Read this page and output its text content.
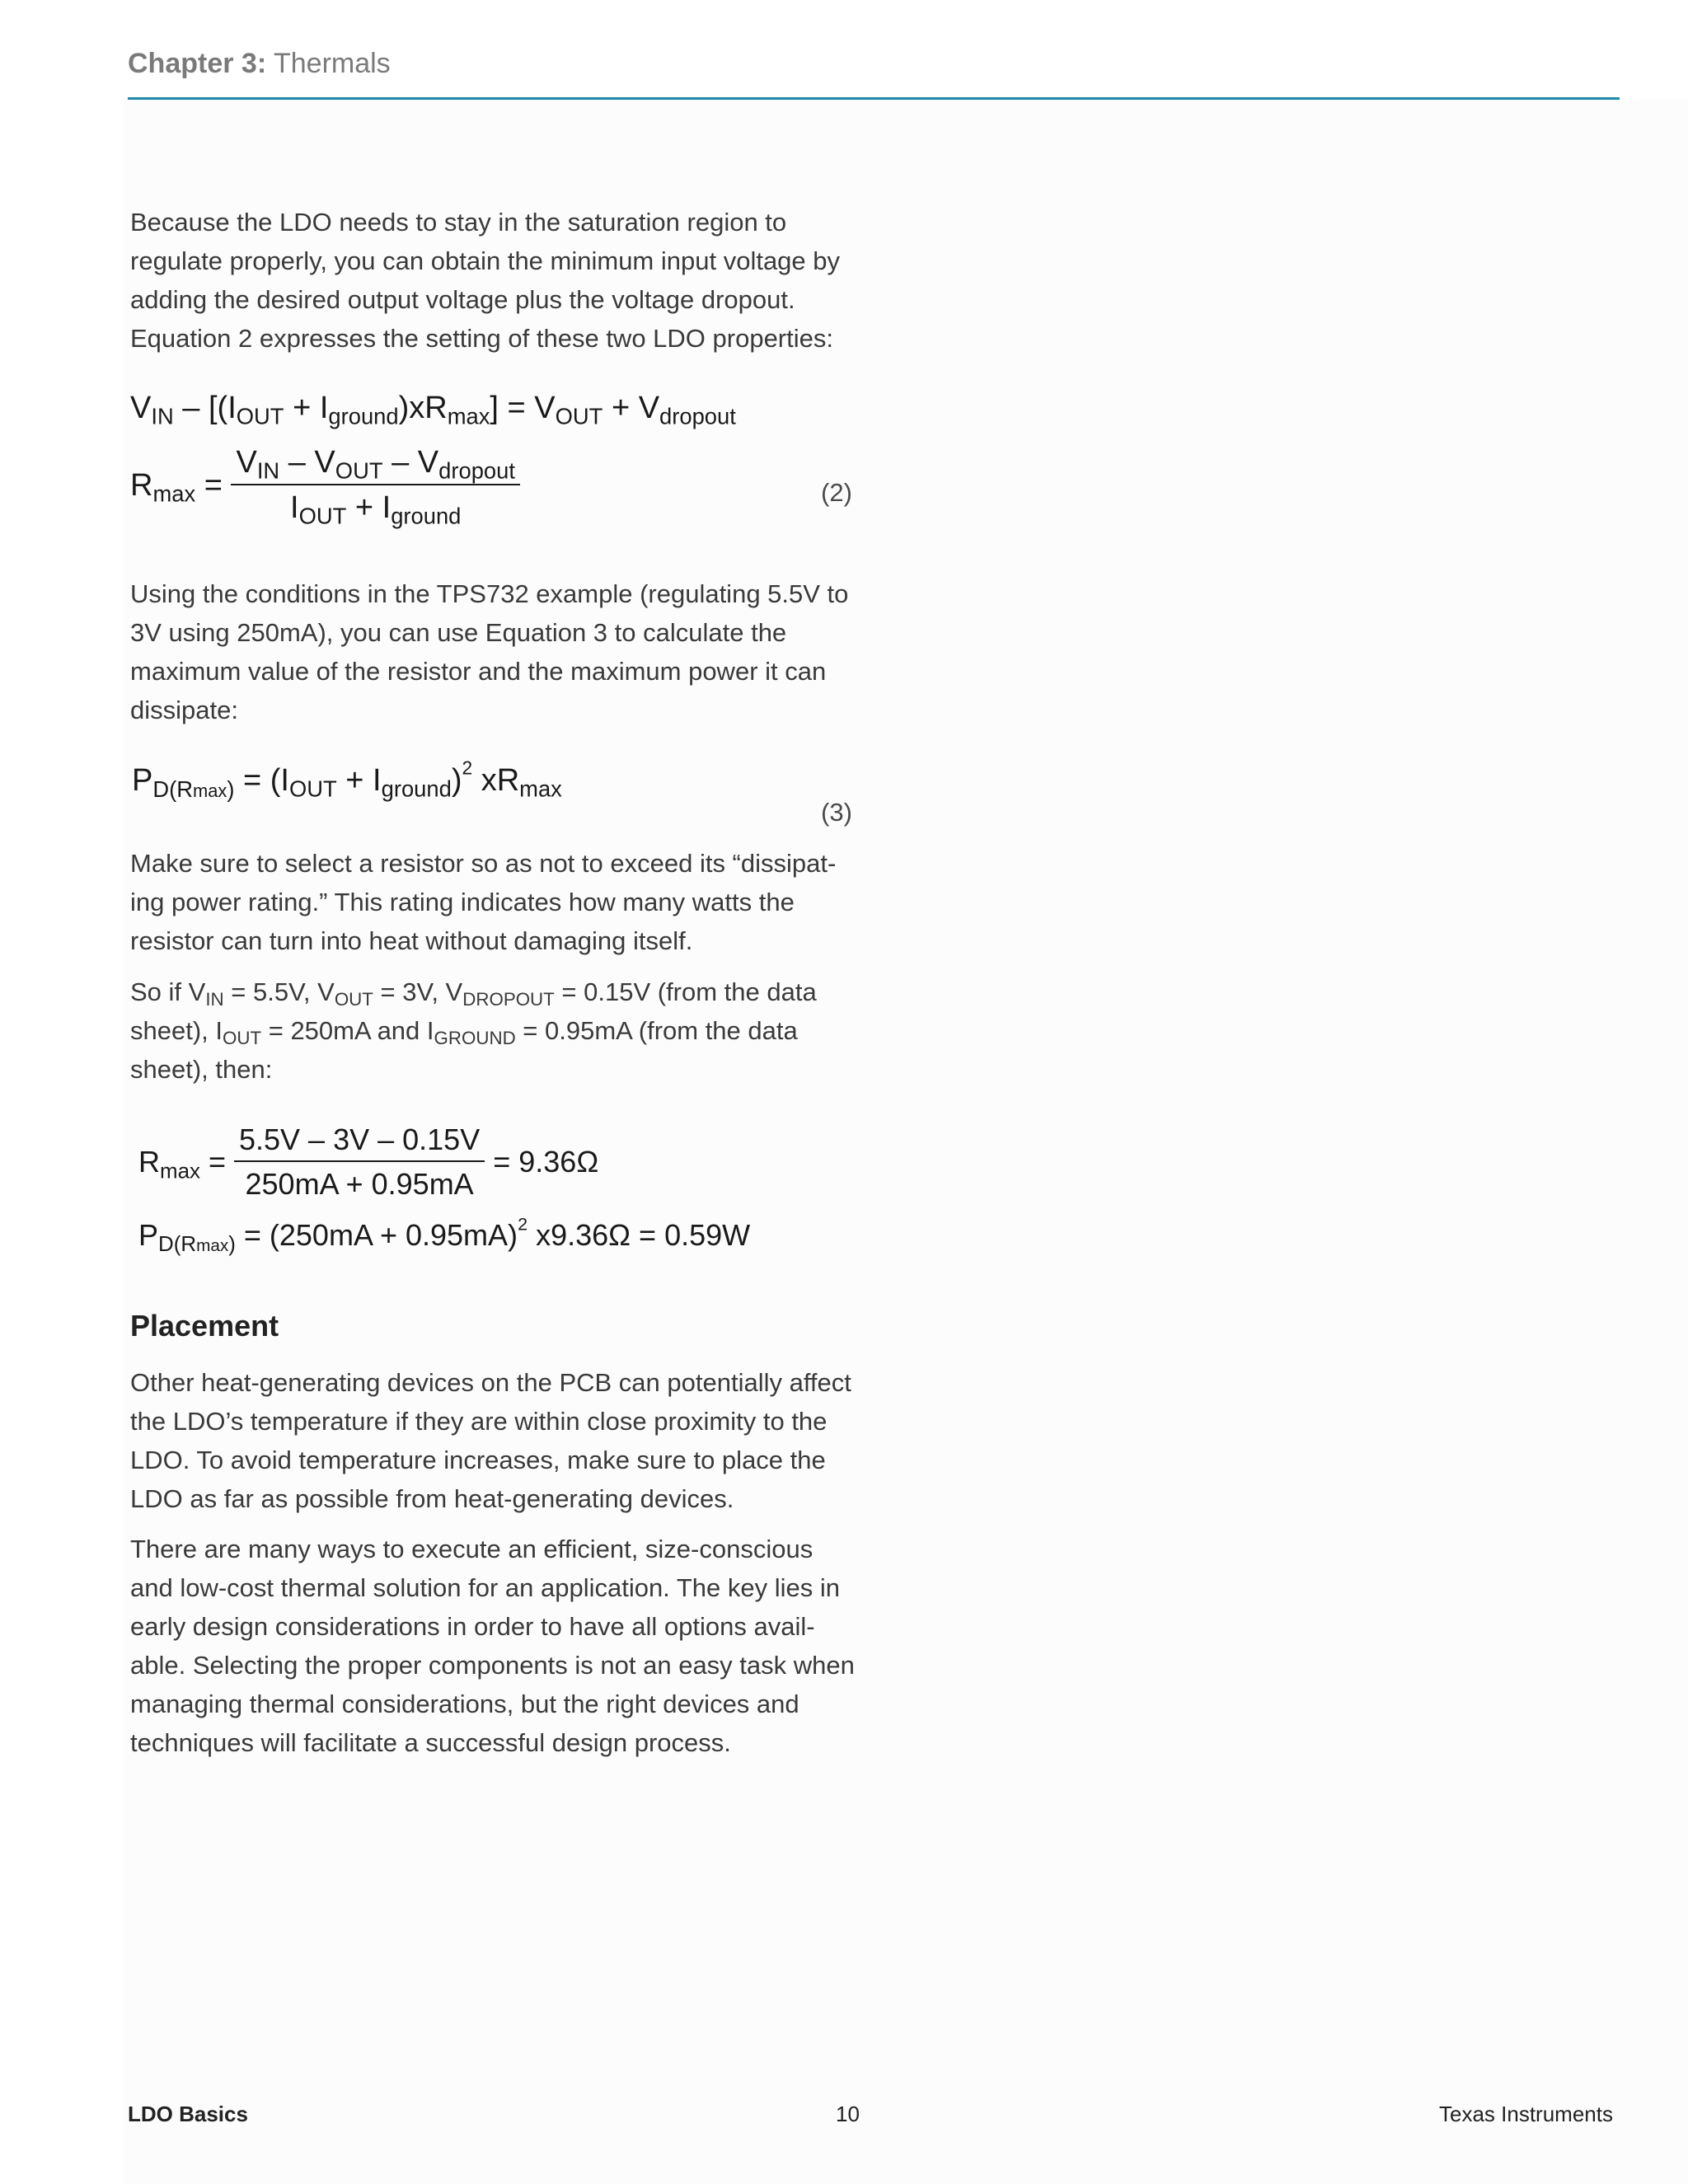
Chapter 3: Thermals

Because the LDO needs to stay in the saturation region to regulate properly, you can obtain the minimum input voltage by adding the desired output voltage plus the voltage dropout. Equation 2 expresses the setting of these two LDO properties:

$V_{IN} - [(I_{OUT} + I_{ground})xR_{max}] = V_{OUT} + V_{dropout}$
$R_{max} = \frac{V_{IN} - V_{OUT} - V_{dropout}}{I_{OUT} + I_{ground}}$	(2)

Using the conditions in the TPS732 example (regulating 5.5V to 3V using 250mA), you can use Equation 3 to calculate the maximum value of the resistor and the maximum power it can dissipate:

$P_{D(Rmax)} = (I_{OUT} + I_{ground})^2$ $xR_{max}$
(3)

Make sure to select a resistor so as not to exceed its “dissipat-ing power rating.” This rating indicates how many watts the resistor can turn into heat without damaging itself.

So if $V_{IN} = 5.5V$, $V_{OUT} = 3V$, $V_{DROPOUT} = 0.15V$ (from the data sheet), $I_{OUT} = 250mA$ and $I_{GROUND} = 0.95mA$ (from the data sheet), then:

$R_{max} = \frac{5.5V - 3V - 0.15V}{250mA + 0.95mA} = 9.36\Omega$
$P_{D(Rmax)} = (250mA + 0.95mA)^2$ x9.36Ω = 0.59W
Placement

Other heat-generating devices on the PCB can potentially affect the LDO’s temperature if they are within close proximity to the LDO. To avoid temperature increases, make sure to place the LDO as far as possible from heat-generating devices.

There are many ways to execute an efficient, size-conscious and low-cost thermal solution for an application. The key lies in early design considerations in order to have all options avail-able. Selecting the proper components is not an easy task when managing thermal considerations, but the right devices and techniques will facilitate a successful design process.

LDO Basics	10	Texas Instruments
